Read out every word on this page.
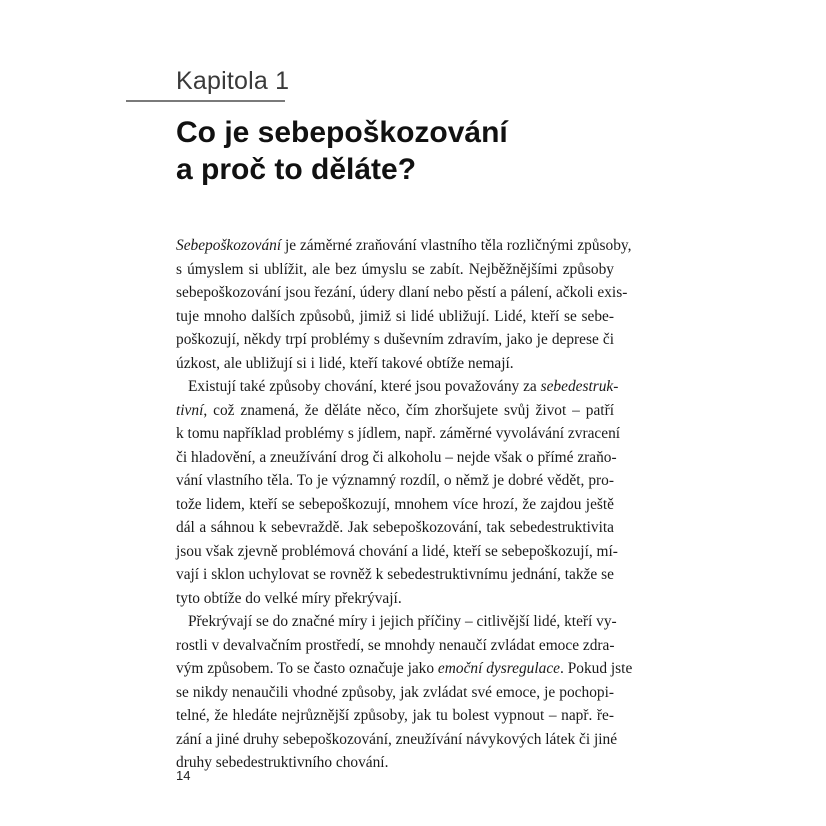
Kapitola 1
Co je sebepoškozování
a proč to děláte?
Sebepoškozování je záměrné zraňování vlastního těla rozličnými způsoby,
s úmyslem si ublížit, ale bez úmyslu se zabít. Nejběžnějšími způsoby
sebepoškozování jsou řezání, údery dlaní nebo pěstí a pálení, ačkoli exis-
tuje mnoho dalších způsobů, jimiž si lidé ubližují. Lidé, kteří se sebe-
poškozují, někdy trpí problémy s duševním zdravím, jako je deprese či
úzkost, ale ubližují si i lidé, kteří takové obtíže nemají.
Existují také způsoby chování, které jsou považovány za sebedestruk-
tivní, což znamená, že děláte něco, čím zhoršujete svůj život – patří
k tomu například problémy s jídlem, např. záměrné vyvolávání zvracení
či hladovění, a zneužívání drog či alkoholu – nejde však o přímé zraňo-
vání vlastního těla. To je významný rozdíl, o němž je dobré vědět, pro-
tože lidem, kteří se sebepoškozují, mnohem více hrozí, že zajdou ještě
dál a sáhnou k sebevraždě. Jak sebepoškozování, tak sebedestruktivita
jsou však zjevně problémová chování a lidé, kteří se sebepoškozují, mí-
vají i sklon uchylovat se rovněž k sebedestruktivnímu jednání, takže se
tyto obtíže do velké míry překrývají.
Překrývají se do značné míry i jejich příčiny – citlivější lidé, kteří vy-
rostli v devalvačním prostředí, se mnohdy nenaučí zvládat emoce zdra-
vým způsobem. To se často označuje jako emoční dysregulace. Pokud jste
se nikdy nenaučili vhodné způsoby, jak zvládat své emoce, je pochopi-
telné, že hledáte nejrůznější způsoby, jak tu bolest vypnout – např. ře-
zání a jiné druhy sebepoškozování, zneužívání návykových látek či jiné
druhy sebedestruktivního chování.
14
